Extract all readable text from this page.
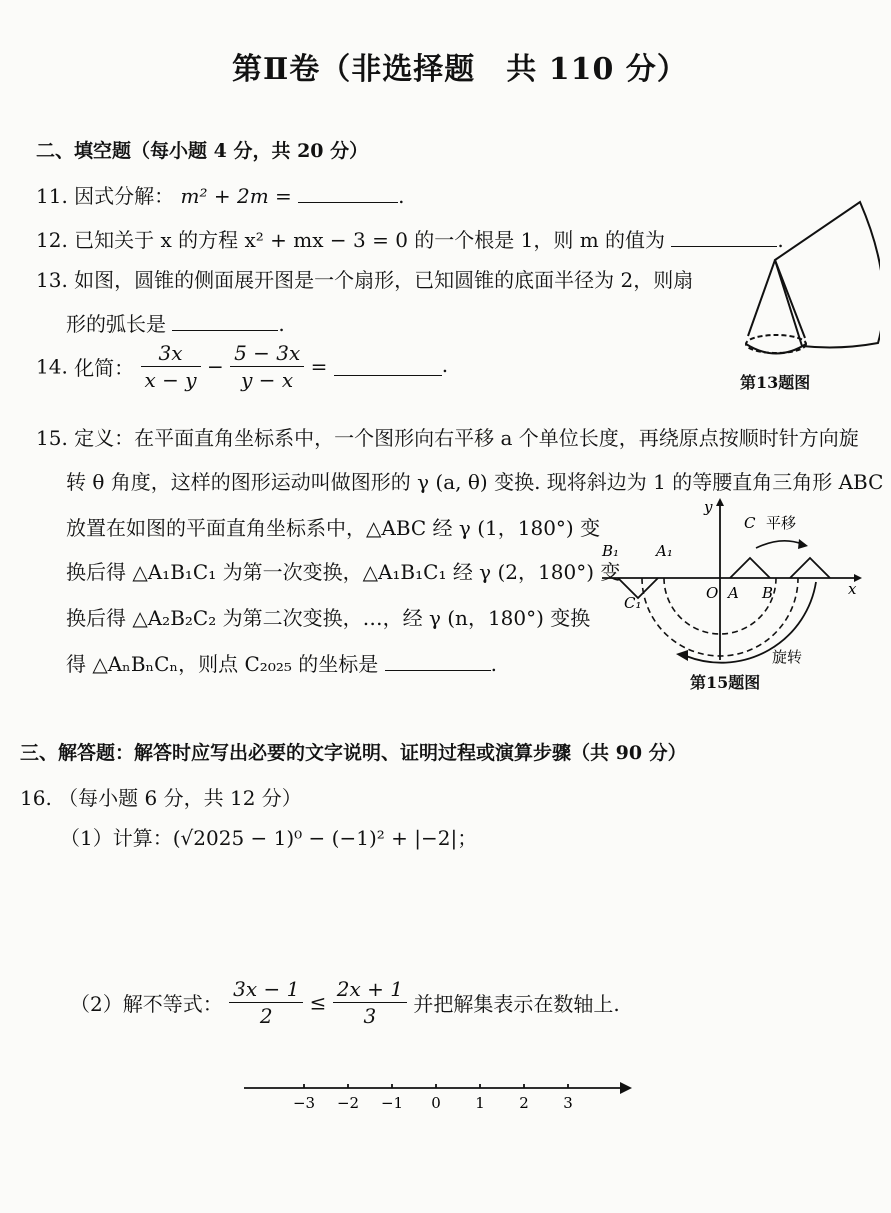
第Ⅱ卷（非选择题　共 110 分）
二、填空题（每小题 4 分，共 20 分）
11. 因式分解： m² + 2m =	.
12. 已知关于 x 的方程 x² + mx − 3 = 0 的一个根是 1，则 m 的值为	.
13. 如图，圆锥的侧面展开图是一个扇形，已知圆锥的底面半径为 2，则扇
形的弧长是	.
第13题图
14. 化简： $\frac{3x}{x - y} - \frac{5 - 3x}{y - x}$ =	.
15. 定义：在平面直角坐标系中，一个图形向右平移 a 个单位长度，再绕原点按顺时针方向旋
转 θ 角度，这样的图形运动叫做图形的 γ (a, θ) 变换. 现将斜边为 1 的等腰直角三角形 ABC
放置在如图的平面直角坐标系中，△ABC 经 γ (1，180°) 变
换后得 △A₁B₁C₁ 为第一次变换，△A₁B₁C₁ 经 γ (2，180°) 变
换后得 △A₂B₂C₂ 为第二次变换，…，经 γ (n，180°) 变换
得 △AₙBₙCₙ，则点 C₂₀₂₅ 的坐标是	.
y
x
O A B
C 平移
B₁ A₁
C₁
旋转
第15题图
三、解答题：解答时应写出必要的文字说明、证明过程或演算步骤（共 90 分）
16. （每小题 6 分，共 12 分）
（1）计算：(√2025 − 1)⁰ − (−1)² + |−2|；
（2）解不等式： $\frac{3x - 1}{2} \le \frac{2x + 1}{3}$ 并把解集表示在数轴上.
−3 −2 −1 0 1 2 3
